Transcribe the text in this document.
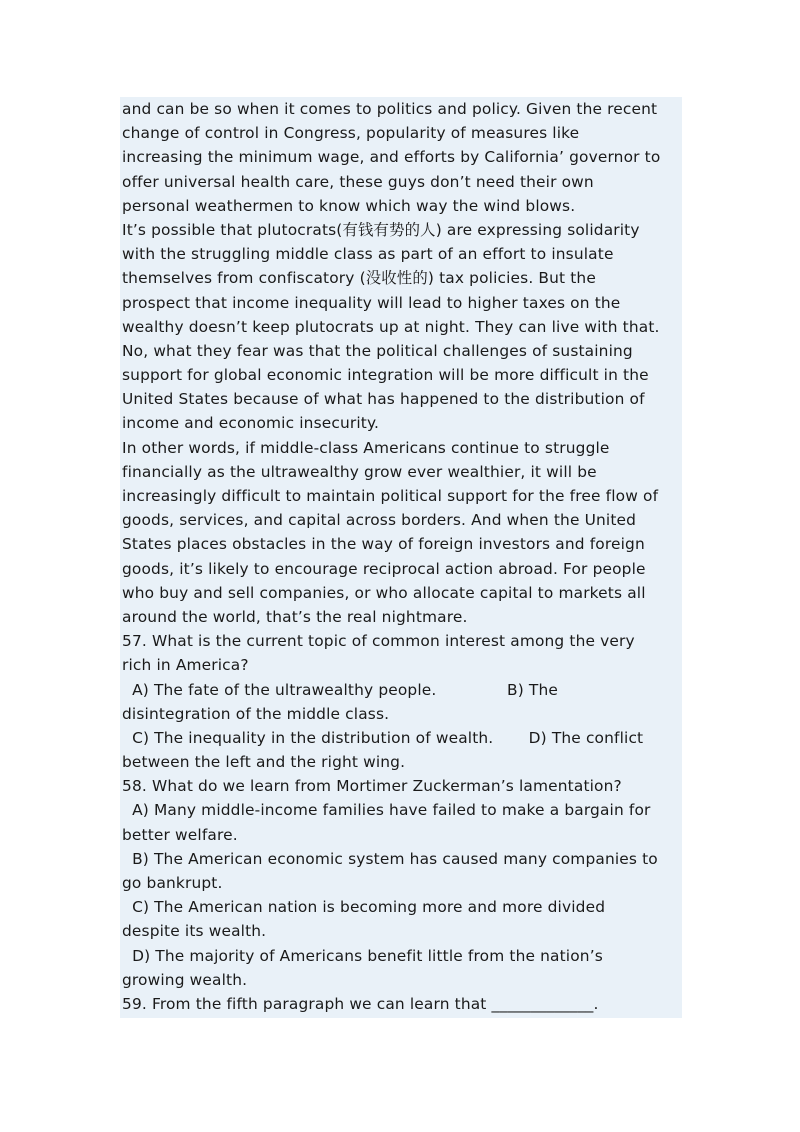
and can be so when it comes to politics and policy. Given the recent
change of control in Congress, popularity of measures like
increasing the minimum wage, and efforts by California’ governor to
offer universal health care, these guys don’t need their own
personal weathermen to know which way the wind blows.
It’s possible that plutocrats(有钱有势的人) are expressing solidarity
with the struggling middle class as part of an effort to insulate
themselves from confiscatory (没收性的) tax policies. But the
prospect that income inequality will lead to higher taxes on the
wealthy doesn’t keep plutocrats up at night. They can live with that.
No, what they fear was that the political challenges of sustaining
support for global economic integration will be more difficult in the
United States because of what has happened to the distribution of
income and economic insecurity.
In other words, if middle-class Americans continue to struggle
financially as the ultrawealthy grow ever wealthier, it will be
increasingly difficult to maintain political support for the free flow of
goods, services, and capital across borders. And when the United
States places obstacles in the way of foreign investors and foreign
goods, it’s likely to encourage reciprocal action abroad. For people
who buy and sell companies, or who allocate capital to markets all
around the world, that’s the real nightmare.
57. What is the current topic of common interest among the very
rich in America?
A) The fate of the ultrawealthy people.              B) The
disintegration of the middle class.
C) The inequality in the distribution of wealth.       D) The conflict
between the left and the right wing.
58. What do we learn from Mortimer Zuckerman’s lamentation?
A) Many middle-income families have failed to make a bargain for
better welfare.
B) The American economic system has caused many companies to
go bankrupt.
C) The American nation is becoming more and more divided
despite its wealth.
D) The majority of Americans benefit little from the nation’s
growing wealth.
59. From the fifth paragraph we can learn that _____________.
